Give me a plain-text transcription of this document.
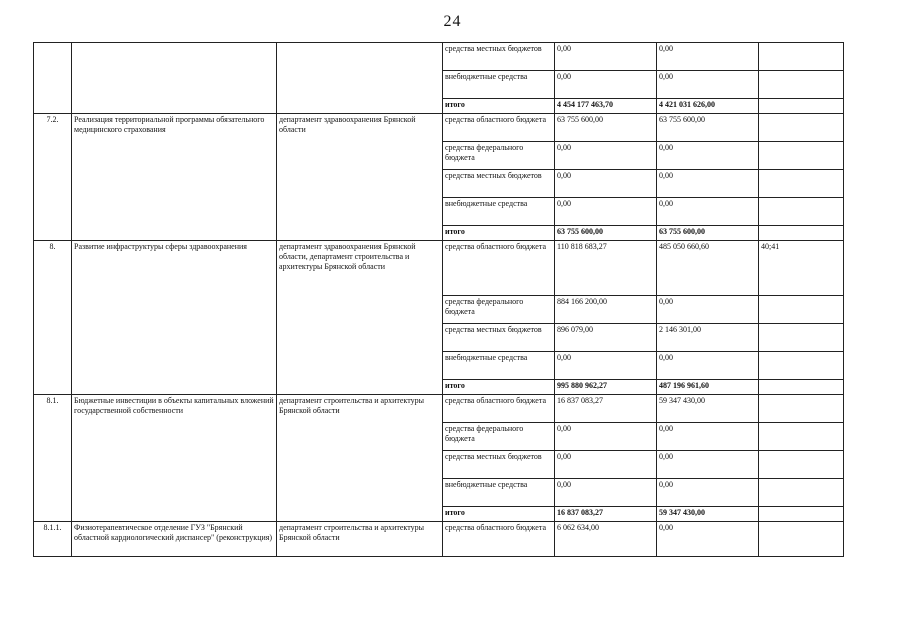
24
			средства местных бюджетов	0,00	0,00	
			внебюджетные средства	0,00	0,00	
			итого	4 454 177 463,70	4 421 031 626,00	
7.2.	Реализация территориальной программы обязательного медицинского страхования	департамент здравоохранения Брянской области	средства областного бюджета	63 755 600,00	63 755 600,00	
			средства федерального бюджета	0,00	0,00	
			средства местных бюджетов	0,00	0,00	
			внебюджетные средства	0,00	0,00	
			итого	63 755 600,00	63 755 600,00	
8.	Развитие инфраструктуры сферы здравоохранения	департамент здравоохранения Брянской области, департамент строительства и архитектуры Брянской области	средства областного бюджета	110 818 683,27	485 050 660,60	40;41
			средства федерального бюджета	884 166 200,00	0,00	
			средства местных бюджетов	896 079,00	2 146 301,00	
			внебюджетные средства	0,00	0,00	
			итого	995 880 962,27	487 196 961,60	
8.1.	Бюджетные инвестиции в объекты капитальных вложений государственной собственности	департамент строительства и архитектуры Брянской области	средства областного бюджета	16 837 083,27	59 347 430,00	
			средства федерального бюджета	0,00	0,00	
			средства местных бюджетов	0,00	0,00	
			внебюджетные средства	0,00	0,00	
			итого	16 837 083,27	59 347 430,00	
8.1.1.	Физиотерапевтическое отделение ГУЗ "Брянский областной кардиологический диспансер" (реконструкция)	департамент строительства и архитектуры Брянской области	средства областного бюджета	6 062 634,00	0,00	
